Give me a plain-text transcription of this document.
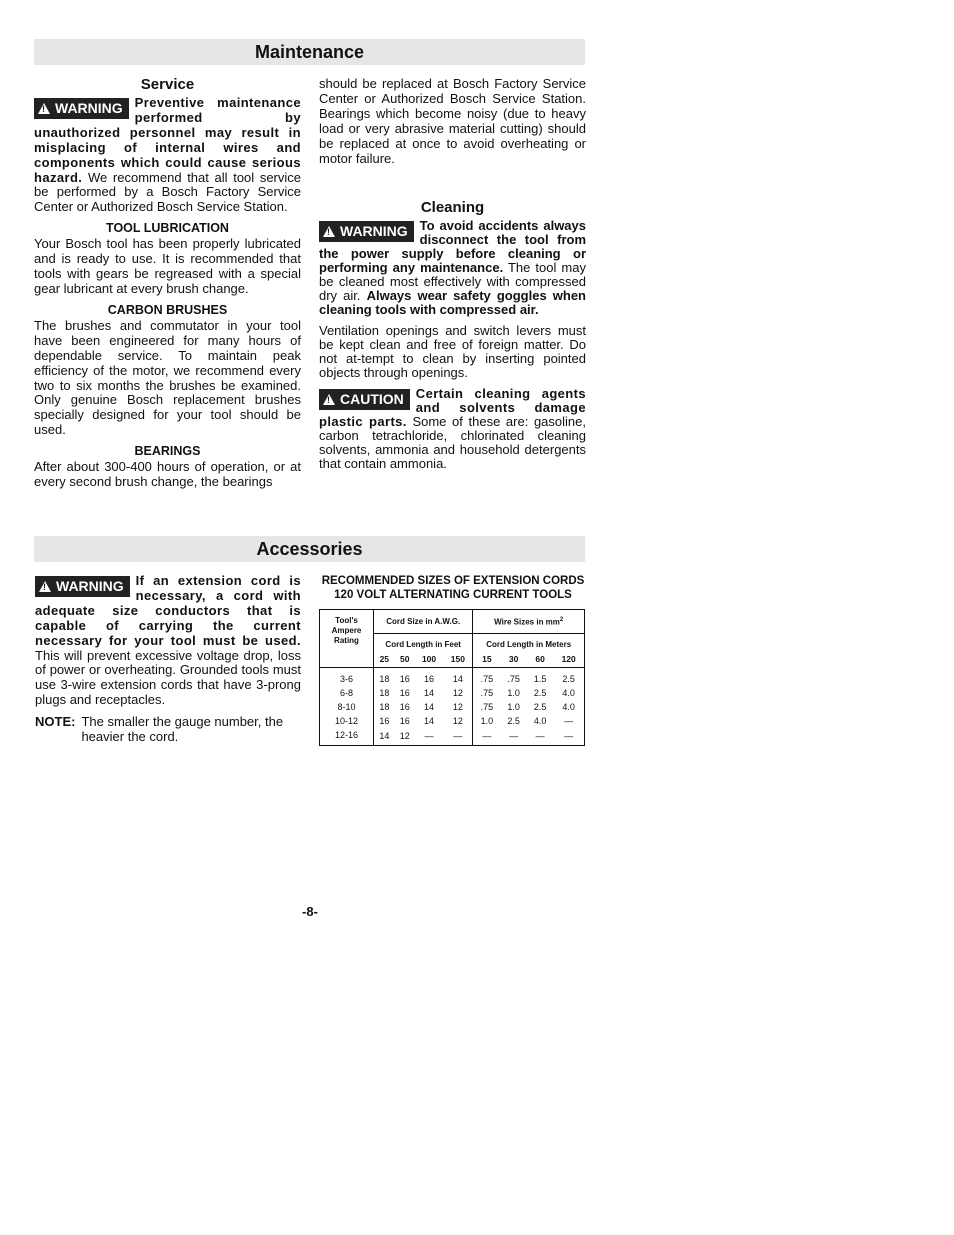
Maintenance
Service

!
WARNING Preventive maintenance performed by unauthorized personnel may result in misplacing of internal wires and components which could cause serious hazard. We recommend that all tool service be performed by a Bosch Factory Service Center or Authorized Bosch Service Station.

TOOL LUBRICATION

Your Bosch tool has been properly lubricated and is ready to use. It is recommended that tools with gears be regreased with a special gear lubricant at every brush change.

CARBON BRUSHES

The brushes and commutator in your tool have been engineered for many hours of dependable service. To maintain peak efficiency of the motor, we recommend every two to six months the brushes be examined. Only genuine Bosch replacement brushes specially designed for your tool should be used.

BEARINGS

After about 300-400 hours of operation, or at every second brush change, the bearings

should be replaced at Bosch Factory Service Center or Authorized Bosch Service Station. Bearings which become noisy (due to heavy load or very abrasive material cutting) should be replaced at once to avoid overheating or motor failure.

Cleaning

!
WARNING To avoid accidents always disconnect the tool from the power supply before cleaning or performing any maintenance. The tool may be cleaned most effectively with compressed dry air. Always wear safety goggles when cleaning tools with compressed air.

Ventilation openings and switch levers must be kept clean and free of foreign matter. Do not at-tempt to clean by inserting pointed objects through openings.

!
CAUTION Certain cleaning agents and solvents damage plastic parts. Some of these are: gasoline, carbon tetrachloride, chlorinated cleaning solvents, ammonia and household detergents that contain ammonia.

Accessories

!
WARNING If an extension cord is necessary, a cord with adequate size conductors that is capable of carrying the current necessary for your tool must be used. This will prevent excessive voltage drop, loss of power or overheating. Grounded tools must use 3-wire extension cords that have 3-prong plugs and receptacles.

NOTE: The smaller the gauge number, the heavier the cord.
RECOMMENDED SIZES OF EXTENSION CORDS
120 VOLT ALTERNATING CURRENT TOOLS
Tool's Ampere Rating	Cord Size in A.W.G.				Wire Sizes in $mm^2$
	Cord Length in Feet				Cord Length in Meters			
	25	50	100	150	15	30	60	120

3-6	18	16	16	14	.75	.75	1.5	2.5
6-8	18	16	14	12	.75	1.0	2.5	4.0
8-10	18	16	14	12	.75	1.0	2.5	4.0
10-12	16	16	14	12	1.0	2.5	4.0	—
12-16	14	12	—	—	—	—	—	—
-8-
